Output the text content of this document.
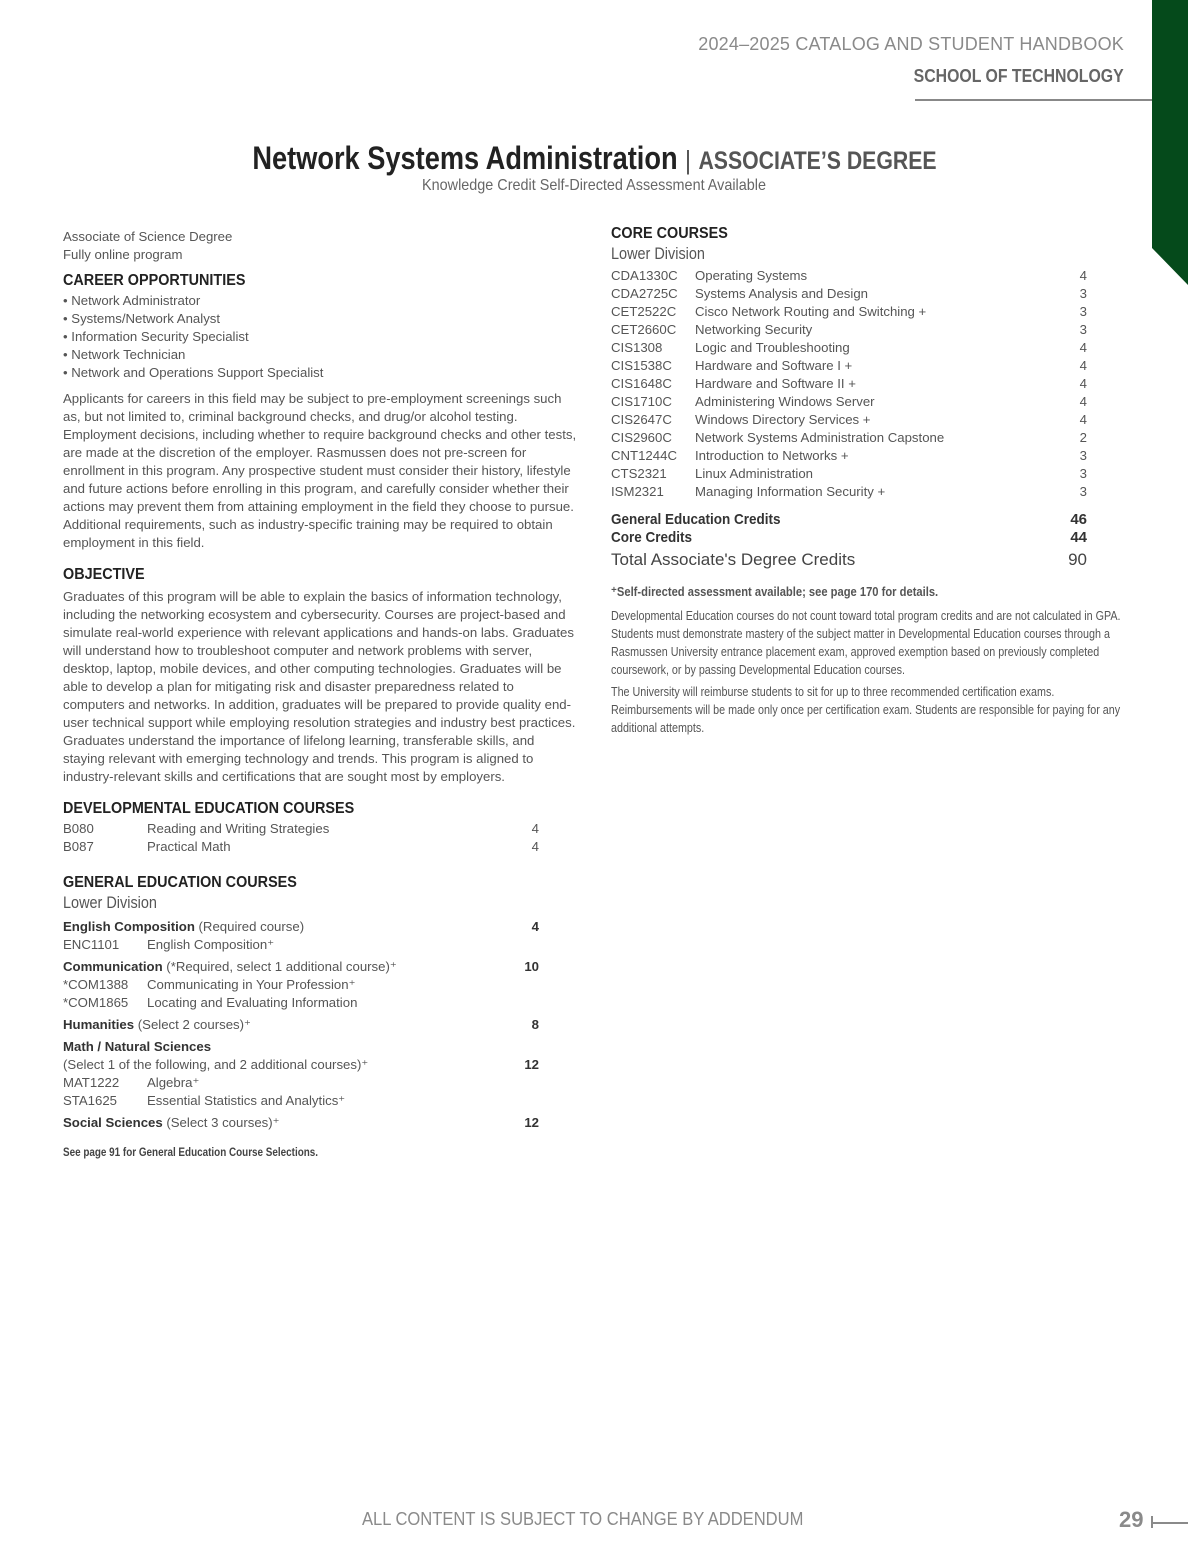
2024–2025 CATALOG AND STUDENT HANDBOOK
SCHOOL OF TECHNOLOGY
Network Systems Administration | ASSOCIATE’S DEGREE
Knowledge Credit Self-Directed Assessment Available

Associate of Science Degree

Fully online program

CAREER OPPORTUNITIES
• Network Administrator
• Systems/Network Analyst
• Information Security Specialist
• Network Technician
• Network and Operations Support Specialist

Applicants for careers in this field may be subject to pre-employment screenings such as, but not limited to, criminal background checks, and drug/or alcohol testing. Employment decisions, including whether to require background checks and other tests, are made at the discretion of the employer. Rasmussen does not pre-screen for enrollment in this program. Any prospective student must consider their history, lifestyle and future actions before enrolling in this program, and carefully consider whether their actions may prevent them from attaining employment in the field they choose to pursue. Additional requirements, such as industry-specific training may be required to obtain employment in this field.

OBJECTIVE

Graduates of this program will be able to explain the basics of information technology, including the networking ecosystem and cybersecurity. Courses are project-based and simulate real-world experience with relevant applications and hands-on labs. Graduates will understand how to troubleshoot computer and network problems with server, desktop, laptop, mobile devices, and other computing technologies. Graduates will be able to develop a plan for mitigating risk and disaster preparedness related to computers and networks. In addition, graduates will be prepared to provide quality end-user technical support while employing resolution strategies and industry best practices. Graduates understand the importance of lifelong learning, transferable skills, and staying relevant with emerging technology and trends. This program is aligned to industry-relevant skills and certifications that are sought most by employers.

DEVELOPMENTAL EDUCATION COURSES
B080	Reading and Writing Strategies	4
B087	Practical Math	4
GENERAL EDUCATION COURSES
Lower Division
English Composition (Required course)	4
ENC1101	English Composition⁺
Communication (*Required, select 1 additional course)⁺	10
*COM1388	Communicating in Your Profession⁺
*COM1865	Locating and Evaluating Information
Humanities (Select 2 courses)⁺	8
Math / Natural Sciences
(Select 1 of the following, and 2 additional courses)⁺	12
MAT1222	Algebra⁺
STA1625	Essential Statistics and Analytics⁺
Social Sciences (Select 3 courses)⁺	12
See page 91 for General Education Course Selections.
CORE COURSES
Lower Division
CDA1330C	Operating Systems	4
CDA2725C	Systems Analysis and Design	3
CET2522C	Cisco Network Routing and Switching +	3
CET2660C	Networking Security	3
CIS1308	Logic and Troubleshooting	4
CIS1538C	Hardware and Software I +	4
CIS1648C	Hardware and Software II +	4
CIS1710C	Administering Windows Server	4
CIS2647C	Windows Directory Services +	4
CIS2960C	Network Systems Administration Capstone	2
CNT1244C	Introduction to Networks +	3
CTS2321	Linux Administration	3
ISM2321	Managing Information Security +	3
General Education Credits	46
Core Credits	44
Total Associate's Degree Credits	90
⁺Self-directed assessment available; see page 170 for details.

Developmental Education courses do not count toward total program credits and are not calculated in GPA. Students must demonstrate mastery of the subject matter in Developmental Education courses through a Rasmussen University entrance placement exam, approved exemption based on previously completed coursework, or by passing Developmental Education courses.

The University will reimburse students to sit for up to three recommended certification exams. Reimbursements will be made only once per certification exam. Students are responsible for paying for any additional attempts.

ALL CONTENT IS SUBJECT TO CHANGE BY ADDENDUM	29
